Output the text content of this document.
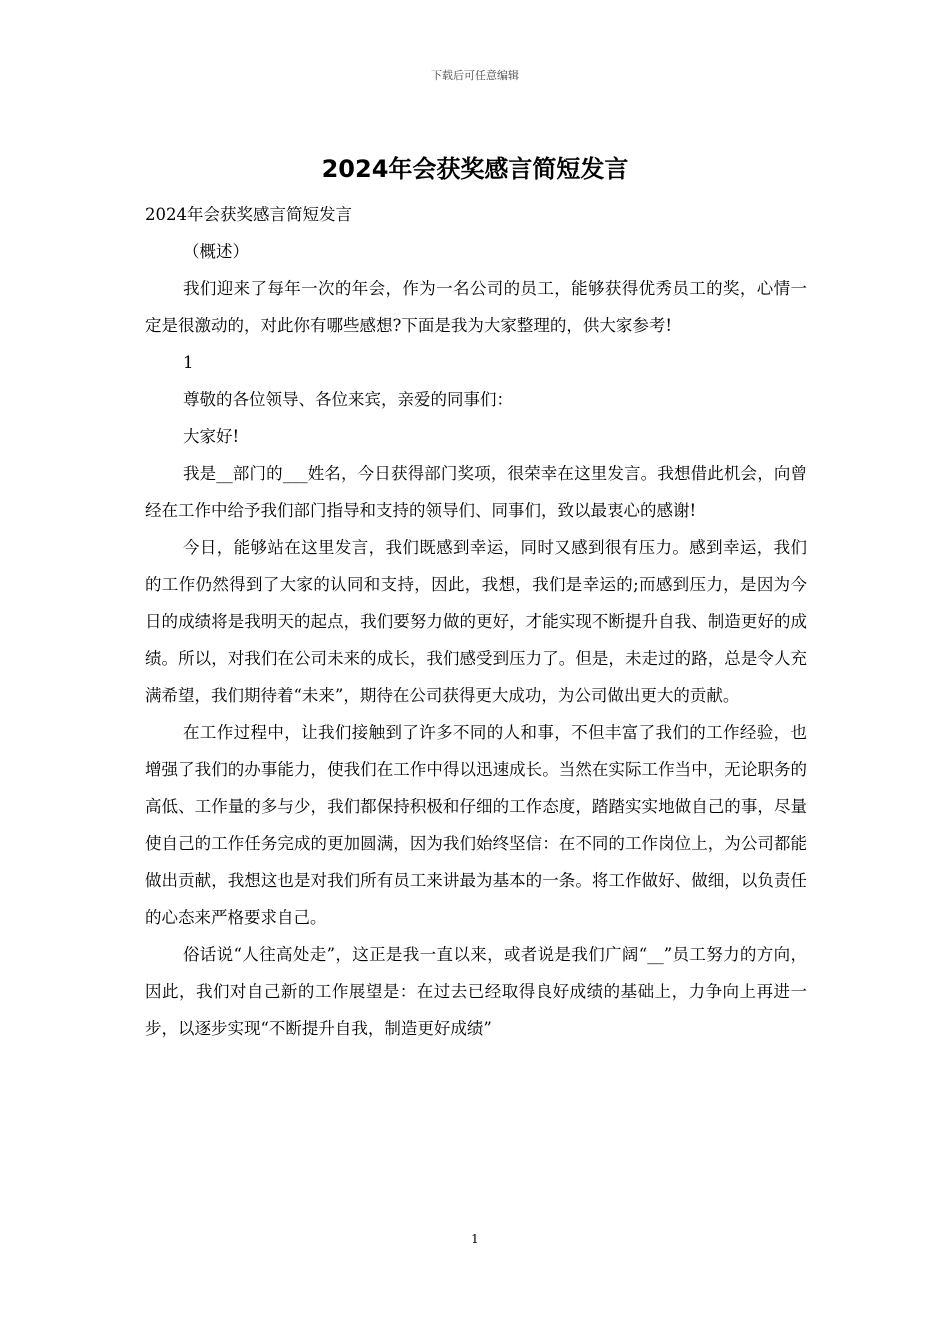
下载后可任意编辑
2024年会获奖感言简短发言

2024年会获奖感言简短发言

（概述）

我们迎来了每年一次的年会，作为一名公司的员工，能够获得优秀员工的奖，心情一定是很激动的，对此你有哪些感想?下面是我为大家整理的，供大家参考!

1

尊敬的各位领导、各位来宾，亲爱的同事们：

大家好!

我是__部门的___姓名，今日获得部门奖项，很荣幸在这里发言。我想借此机会，向曾经在工作中给予我们部门指导和支持的领导们、同事们，致以最衷心的感谢!

今日，能够站在这里发言，我们既感到幸运，同时又感到很有压力。感到幸运，我们的工作仍然得到了大家的认同和支持，因此，我想，我们是幸运的;而感到压力，是因为今日的成绩将是我明天的起点，我们要努力做的更好，才能实现不断提升自我、制造更好的成绩。所以，对我们在公司未来的成长，我们感受到压力了。但是，未走过的路，总是令人充满希望，我们期待着“未来”，期待在公司获得更大成功，为公司做出更大的贡献。

在工作过程中，让我们接触到了许多不同的人和事，不但丰富了我们的工作经验，也增强了我们的办事能力，使我们在工作中得以迅速成长。当然在实际工作当中，无论职务的高低、工作量的多与少，我们都保持积极和仔细的工作态度，踏踏实实地做自己的事，尽量使自己的工作任务完成的更加圆满，因为我们始终坚信：在不同的工作岗位上，为公司都能做出贡献，我想这也是对我们所有员工来讲最为基本的一条。将工作做好、做细，以负责任的心态来严格要求自己。

俗话说“人往高处走”，这正是我一直以来，或者说是我们广阔“__”员工努力的方向，因此，我们对自己新的工作展望是：在过去已经取得良好成绩的基础上，力争向上再进一步，以逐步实现“不断提升自我，制造更好成绩”

1
